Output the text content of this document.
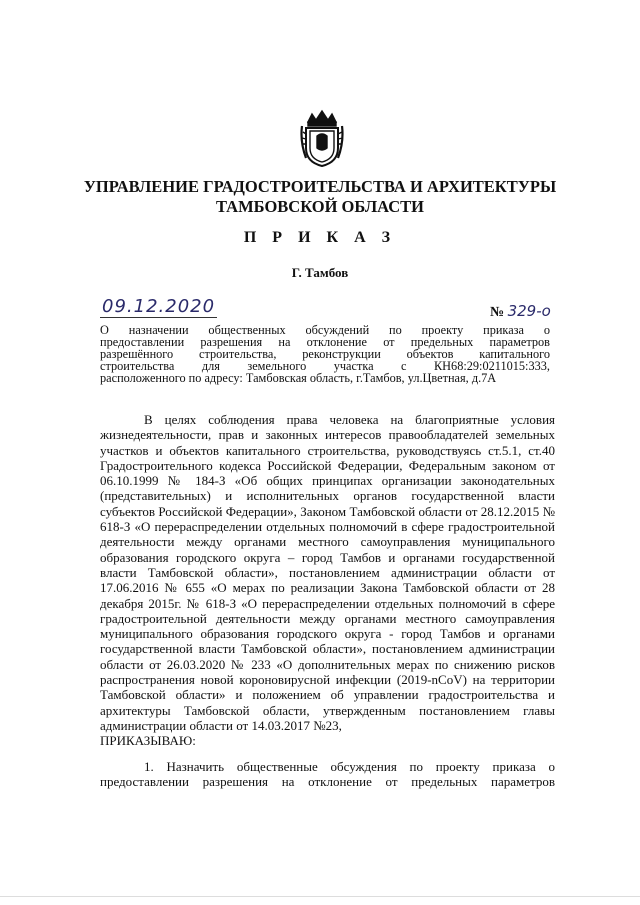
УПРАВЛЕНИЕ ГРАДОСТРОИТЕЛЬСТВА И АРХИТЕКТУРЫ
ТАМБОВСКОЙ ОБЛАСТИ
П Р И К А З
Г. Тамбов
09.12.2020	№ 329-о
О назначении общественных обсуждений по проекту приказа о
предоставлении разрешения на отклонение от предельных параметров
разрешённого строительства, реконструкции объектов капитального
строительства для земельного участка с КН68:29:0211015:333,
расположенного по адресу: Тамбовская область, г.Тамбов, ул.Цветная, д.7А

В целях соблюдения права человека на благоприятные условия жизнедеятельности, прав и законных интересов правообладателей земельных участков и объектов капитального строительства, руководствуясь ст.5.1, ст.40 Градостроительного кодекса Российской Федерации, Федеральным законом от 06.10.1999 № 184-З «Об общих принципах организации законодательных (представительных) и исполнительных органов государственной власти субъектов Российской Федерации», Законом Тамбовской области от 28.12.2015 № 618-З «О перераспределении отдельных полномочий в сфере градостроительной деятельности между органами местного самоуправления муниципального образования городского округа – город Тамбов и органами государственной власти Тамбовской области», постановлением администрации области от 17.06.2016 № 655 «О мерах по реализации Закона Тамбовской области от 28 декабря 2015г. № 618-З «О перераспределении отдельных полномочий в сфере градостроительной деятельности между органами местного самоуправления муниципального образования городского округа - город Тамбов и органами государственной власти Тамбовской области», постановлением администрации области от 26.03.2020 № 233 «О дополнительных мерах по снижению рисков распространения новой короновирусной инфекции (2019-nCoV) на территории Тамбовской области» и положением об управлении градостроительства и архитектуры Тамбовской области, утвержденным постановлением главы администрации области от 14.03.2017 №23,

ПРИКАЗЫВАЮ:
1. Назначить общественные обсуждения по проекту приказа о предоставлении разрешения на отклонение от предельных параметров
